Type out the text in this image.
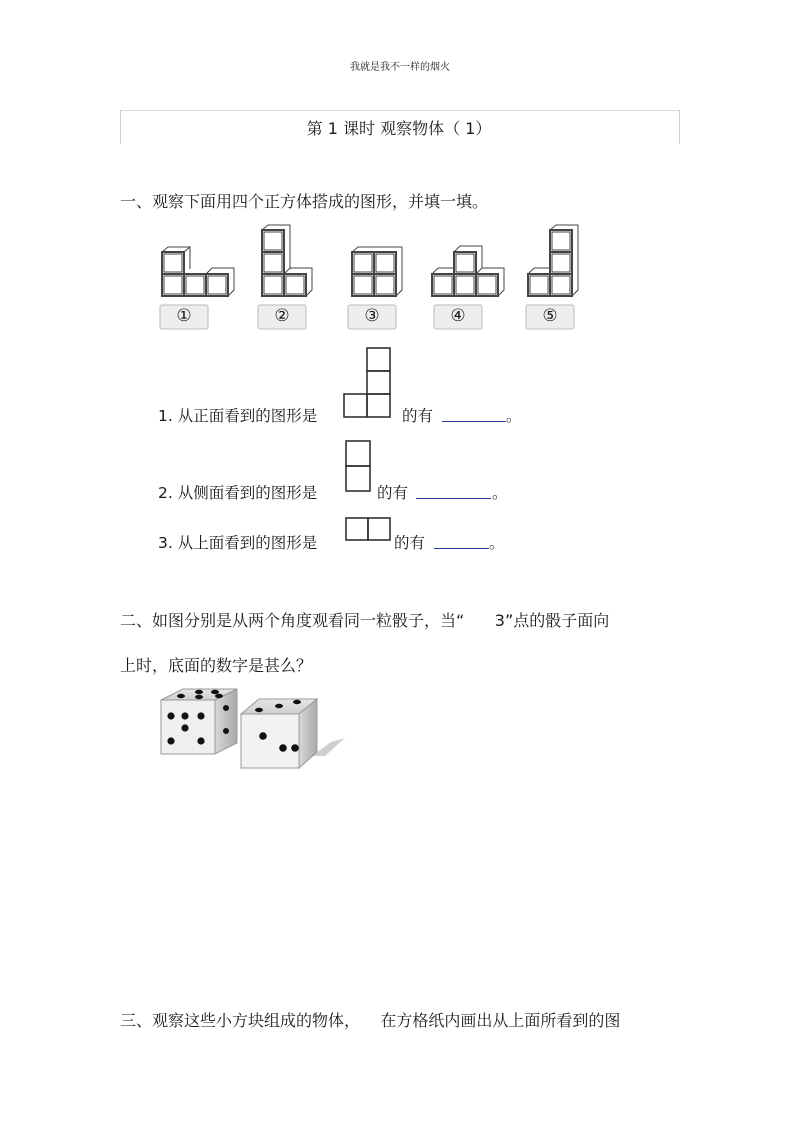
我就是我不一样的烟火
第 1 课时 观察物体（ 1）
一、观察下面用四个正方体搭成的图形，并填一填。
①	②	③	④	⑤
1. 从正面看到的图形是	的有	。
2. 从侧面看到的图形是	的有	。
3. 从上面看到的图形是	的有	。
二、如图分别是从两个角度观看同一粒骰子，当“      3”点的骰子面向
上时，底面的数字是甚么？
三、观察这些小方块组成的物体，    在方格纸内画出从上面所看到的图
